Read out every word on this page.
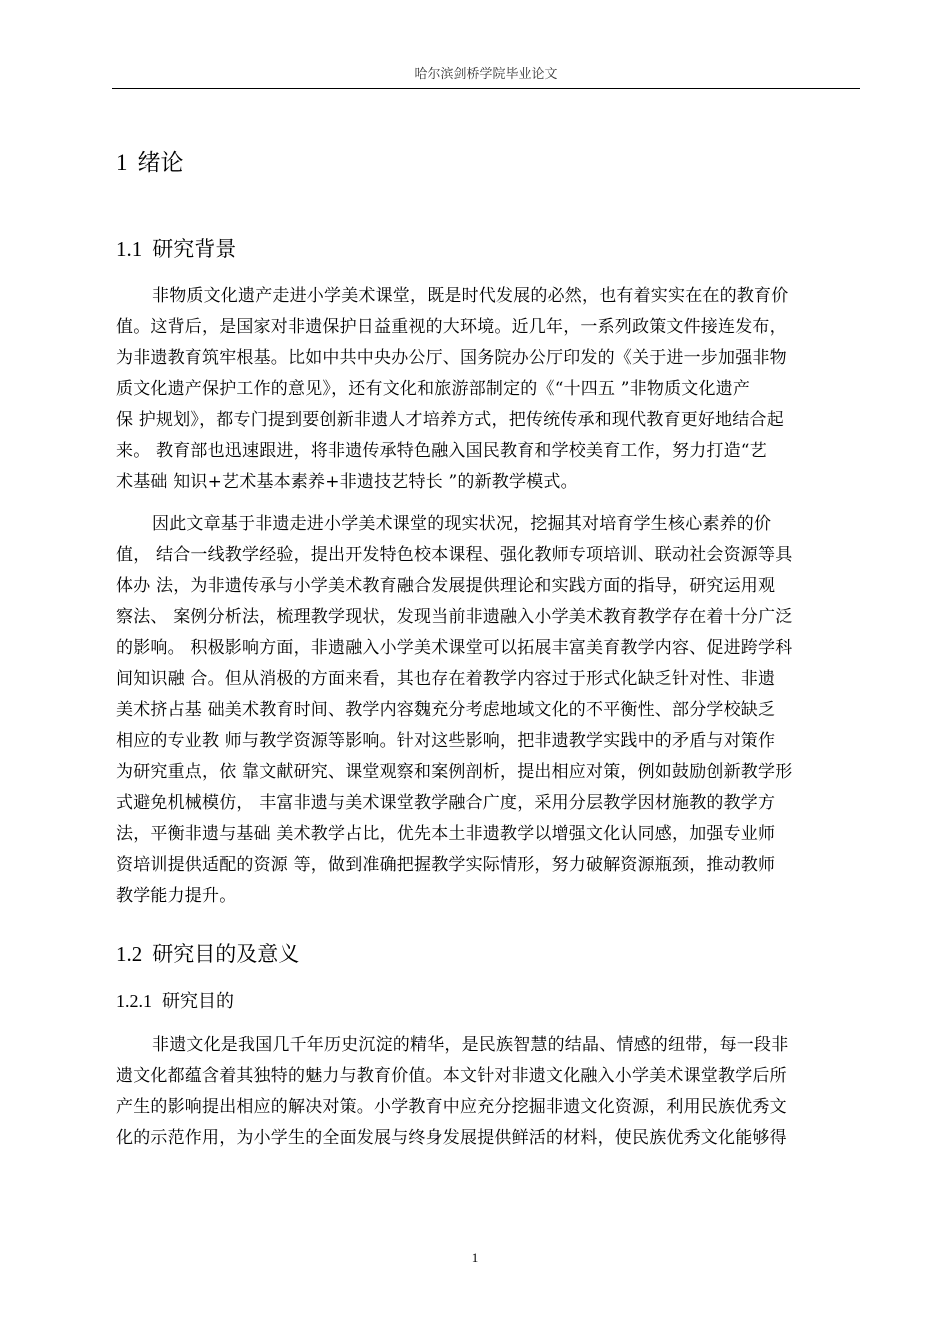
哈尔滨剑桥学院毕业论文
1 绪论
1.1 研究背景

非物质文化遗产走进小学美术课堂，既是时代发展的必然，也有着实实在在的教育价
值。这背后，是国家对非遗保护日益重视的大环境。近几年，一系列政策文件接连发布，
为非遗教育筑牢根基。比如中共中央办公厅、国务院办公厅印发的《关于进一步加强非物
质文化遗产保护工作的意见》，还有文化和旅游部制定的《“十四五 ”非物质文化遗产
保 护规划》，都专门提到要创新非遗人才培养方式，把传统传承和现代教育更好地结合起
来。 教育部也迅速跟进，将非遗传承特色融入国民教育和学校美育工作，努力打造“艺
术基础 知识+艺术基本素养+非遗技艺特长 ”的新教学模式。

因此文章基于非遗走进小学美术课堂的现实状况，挖掘其对培育学生核心素养的价
值， 结合一线教学经验，提出开发特色校本课程、强化教师专项培训、联动社会资源等具
体办 法，为非遗传承与小学美术教育融合发展提供理论和实践方面的指导，研究运用观
察法、 案例分析法，梳理教学现状，发现当前非遗融入小学美术教育教学存在着十分广泛
的影响。 积极影响方面，非遗融入小学美术课堂可以拓展丰富美育教学内容、促进跨学科
间知识融 合。但从消极的方面来看，其也存在着教学内容过于形式化缺乏针对性、非遗
美术挤占基 础美术教育时间、教学内容魏充分考虑地域文化的不平衡性、部分学校缺乏
相应的专业教 师与教学资源等影响。针对这些影响，把非遗教学实践中的矛盾与对策作
为研究重点，依 靠文献研究、课堂观察和案例剖析，提出相应对策，例如鼓励创新教学形
式避免机械模仿， 丰富非遗与美术课堂教学融合广度，采用分层教学因材施教的教学方
法，平衡非遗与基础 美术教学占比，优先本土非遗教学以增强文化认同感，加强专业师
资培训提供适配的资源 等，做到准确把握教学实际情形，努力破解资源瓶颈，推动教师
教学能力提升。

1.2 研究目的及意义
1.2.1 研究目的

非遗文化是我国几千年历史沉淀的精华，是民族智慧的结晶、情感的纽带，每一段非
遗文化都蕴含着其独特的魅力与教育价值。本文针对非遗文化融入小学美术课堂教学后所
产生的影响提出相应的解决对策。小学教育中应充分挖掘非遗文化资源，利用民族优秀文
化的示范作用，为小学生的全面发展与终身发展提供鲜活的材料，使民族优秀文化能够得

1
